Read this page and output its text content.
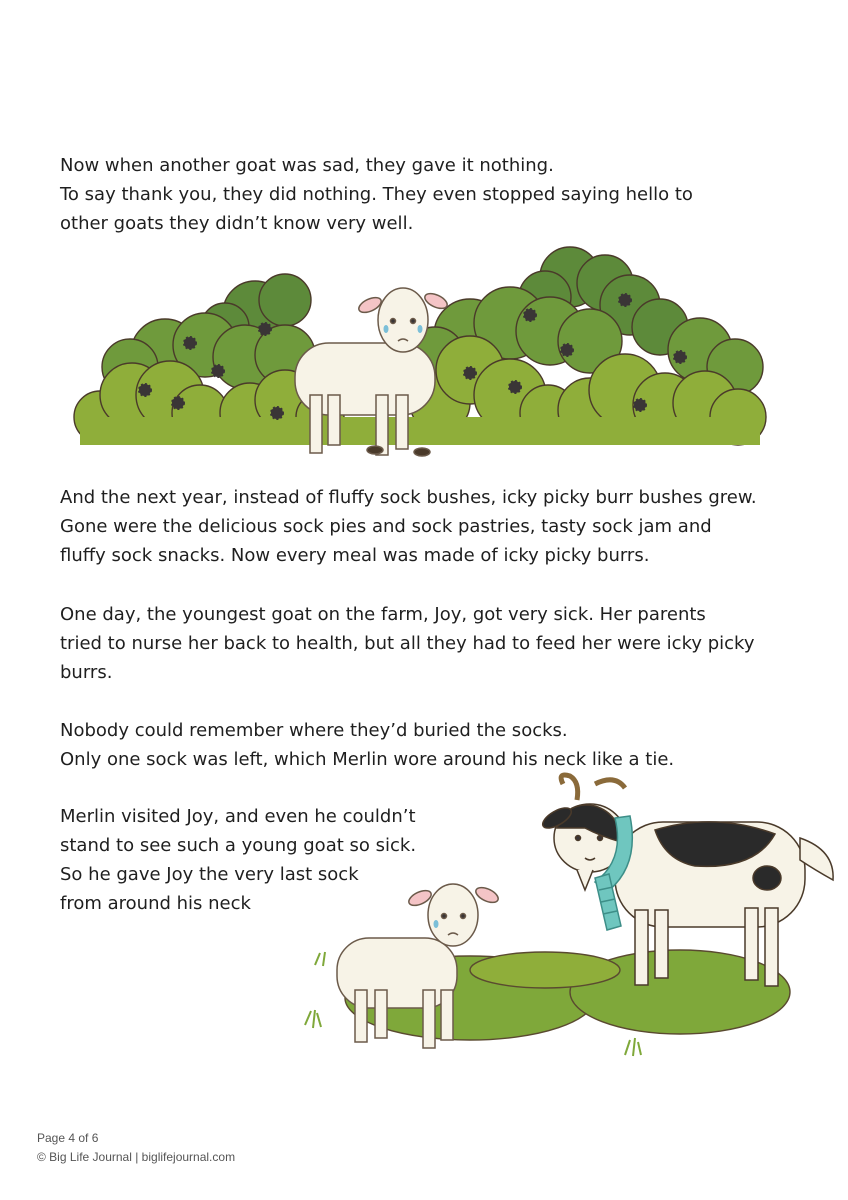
Now when another goat was sad, they gave it nothing.
To say thank you, they did nothing. They even stopped saying hello to
other goats they didn’t know very well.
And the next year, instead of fluffy sock bushes, icky picky burr bushes grew.
Gone were the delicious sock pies and sock pastries, tasty sock jam and
fluffy sock snacks. Now every meal was made of icky picky burrs.
One day, the youngest goat on the farm, Joy, got very sick. Her parents
tried to nurse her back to health, but all they had to feed her were icky picky
burrs.
Nobody could remember where they’d buried the socks.
Only one sock was left, which Merlin wore around his neck like a tie.
Merlin visited Joy, and even he couldn’t
stand to see such a young goat so sick.
So he gave Joy the very last sock
from around his neck
Page 4 of 6
© Big Life Journal | biglifejournal.com
